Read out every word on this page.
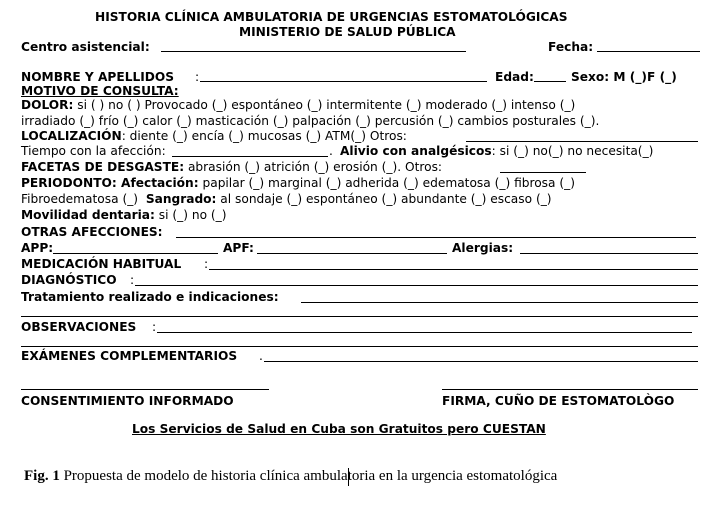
HISTORIA CLÍNICA AMBULATORIA DE URGENCIAS ESTOMATOLÓGICAS
MINISTERIO DE SALUD PÚBLICA
Centro asistencial:	Fecha:
NOMBRE Y APELLIDOS :	Edad:	Sexo: M (_)F (_)
MOTIVO DE CONSULTA:
DOLOR: si ( ) no ( ) Provocado (_) espontáneo (_) intermitente (_) moderado (_) intenso (_)
irradiado (_) frío (_) calor (_) masticación (_) palpación (_) percusión (_) cambios posturales (_).
LOCALIZACIÓN: diente (_) encía (_) mucosas (_) ATM(_) Otros:
Tiempo con la afección:	. Alivio con analgésicos: si (_) no(_) no necesita(_)
FACETAS DE DESGASTE: abrasión (_) atrición (_) erosión (_). Otros:
PERIODONTO: Afectación: papilar (_) marginal (_) adherida (_) edematosa (_) fibrosa (_)
Fibroedematosa (_) Sangrado: al sondaje (_) espontáneo (_) abundante (_) escaso (_)
Movilidad dentaria: si (_) no (_)
OTRAS AFECCIONES:
APP:	APF:	Alergias:
MEDICACIÓN HABITUAL :
DIAGNÓSTICO :
Tratamiento realizado e indicaciones:
OBSERVACIONES :
EXÁMENES COMPLEMENTARIOS .
CONSENTIMIENTO INFORMADO	FIRMA, CUÑO DE ESTOMATOLÒGO
Los Servicios de Salud en Cuba son Gratuitos pero CUESTAN
Fig. 1 Propuesta de modelo de historia clínica ambula
toria en la urgencia estomatológica
